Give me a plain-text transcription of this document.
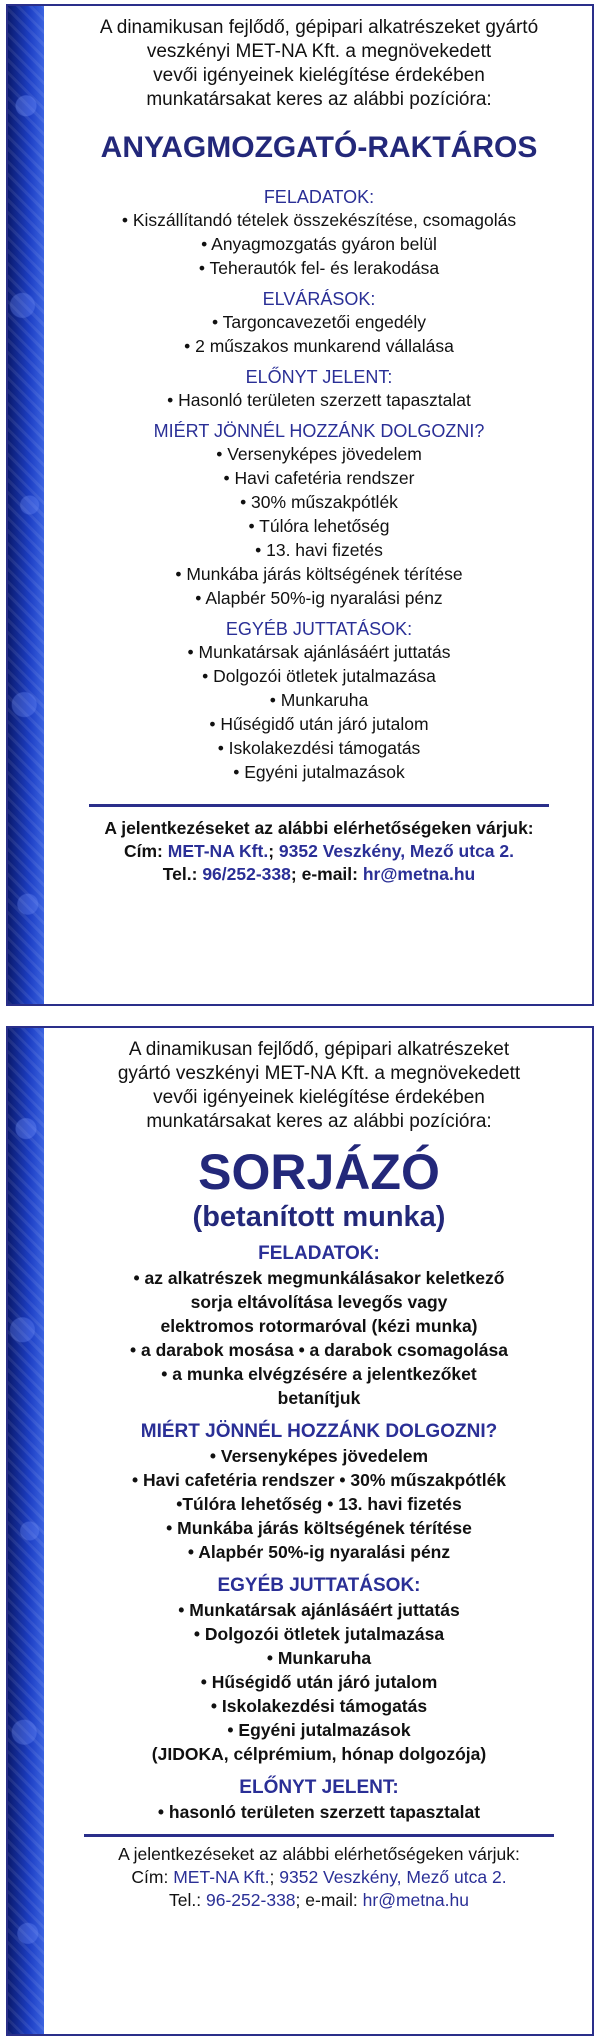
A dinamikusan fejlődő, gépipari alkatrészeket gyártó

veszkényi MET-NA Kft. a megnövekedett

vevői igényeinek kielégítése érdekében

munkatársakat keres az alábbi pozícióra:

ANYAGMOZGATÓ-RAKTÁROS

FELADATOK:

• Kiszállítandó tételek összekészítése, csomagolás

• Anyagmozgatás gyáron belül

• Teherautók fel- és lerakodása

ELVÁRÁSOK:

• Targoncavezetői engedély

• 2 műszakos munkarend vállalása

ELŐNYT JELENT:

• Hasonló területen szerzett tapasztalat

MIÉRT JÖNNÉL HOZZÁNK DOLGOZNI?

• Versenyképes jövedelem

• Havi cafetéria rendszer

• 30% műszakpótlék

• Túlóra lehetőség

• 13. havi fizetés

• Munkába járás költségének térítése

• Alapbér 50%-ig nyaralási pénz

EGYÉB JUTTATÁSOK:

• Munkatársak ajánlásáért juttatás

• Dolgozói ötletek jutalmazása

• Munkaruha

• Hűségidő után járó jutalom

• Iskolakezdési támogatás

• Egyéni jutalmazások

A jelentkezéseket az alábbi elérhetőségeken várjuk:

Cím: MET-NA Kft.; 9352 Veszkény, Mező utca 2.

Tel.: 96/252-338; e-mail: hr@metna.hu

A dinamikusan fejlődő, gépipari alkatrészeket

gyártó veszkényi MET-NA Kft. a megnövekedett

vevői igényeinek kielégítése érdekében

munkatársakat keres az alábbi pozícióra:

SORJÁZÓ

(betanított munka)

FELADATOK:

• az alkatrészek megmunkálásakor keletkező

sorja eltávolítása levegős vagy

elektromos rotormaróval (kézi munka)

• a darabok mosása • a darabok csomagolása

• a munka elvégzésére a jelentkezőket

betanítjuk

MIÉRT JÖNNÉL HOZZÁNK DOLGOZNI?

• Versenyképes jövedelem

• Havi cafetéria rendszer • 30% műszakpótlék

•Túlóra lehetőség • 13. havi fizetés

• Munkába járás költségének térítése

• Alapbér 50%-ig nyaralási pénz

EGYÉB JUTTATÁSOK:

• Munkatársak ajánlásáért juttatás

• Dolgozói ötletek jutalmazása

• Munkaruha

• Hűségidő után járó jutalom

• Iskolakezdési támogatás

• Egyéni jutalmazások

(JIDOKA, célprémium, hónap dolgozója)

ELŐNYT JELENT:

• hasonló területen szerzett tapasztalat

A jelentkezéseket az alábbi elérhetőségeken várjuk:

Cím: MET-NA Kft.; 9352 Veszkény, Mező utca 2.

Tel.: 96-252-338; e-mail: hr@metna.hu
